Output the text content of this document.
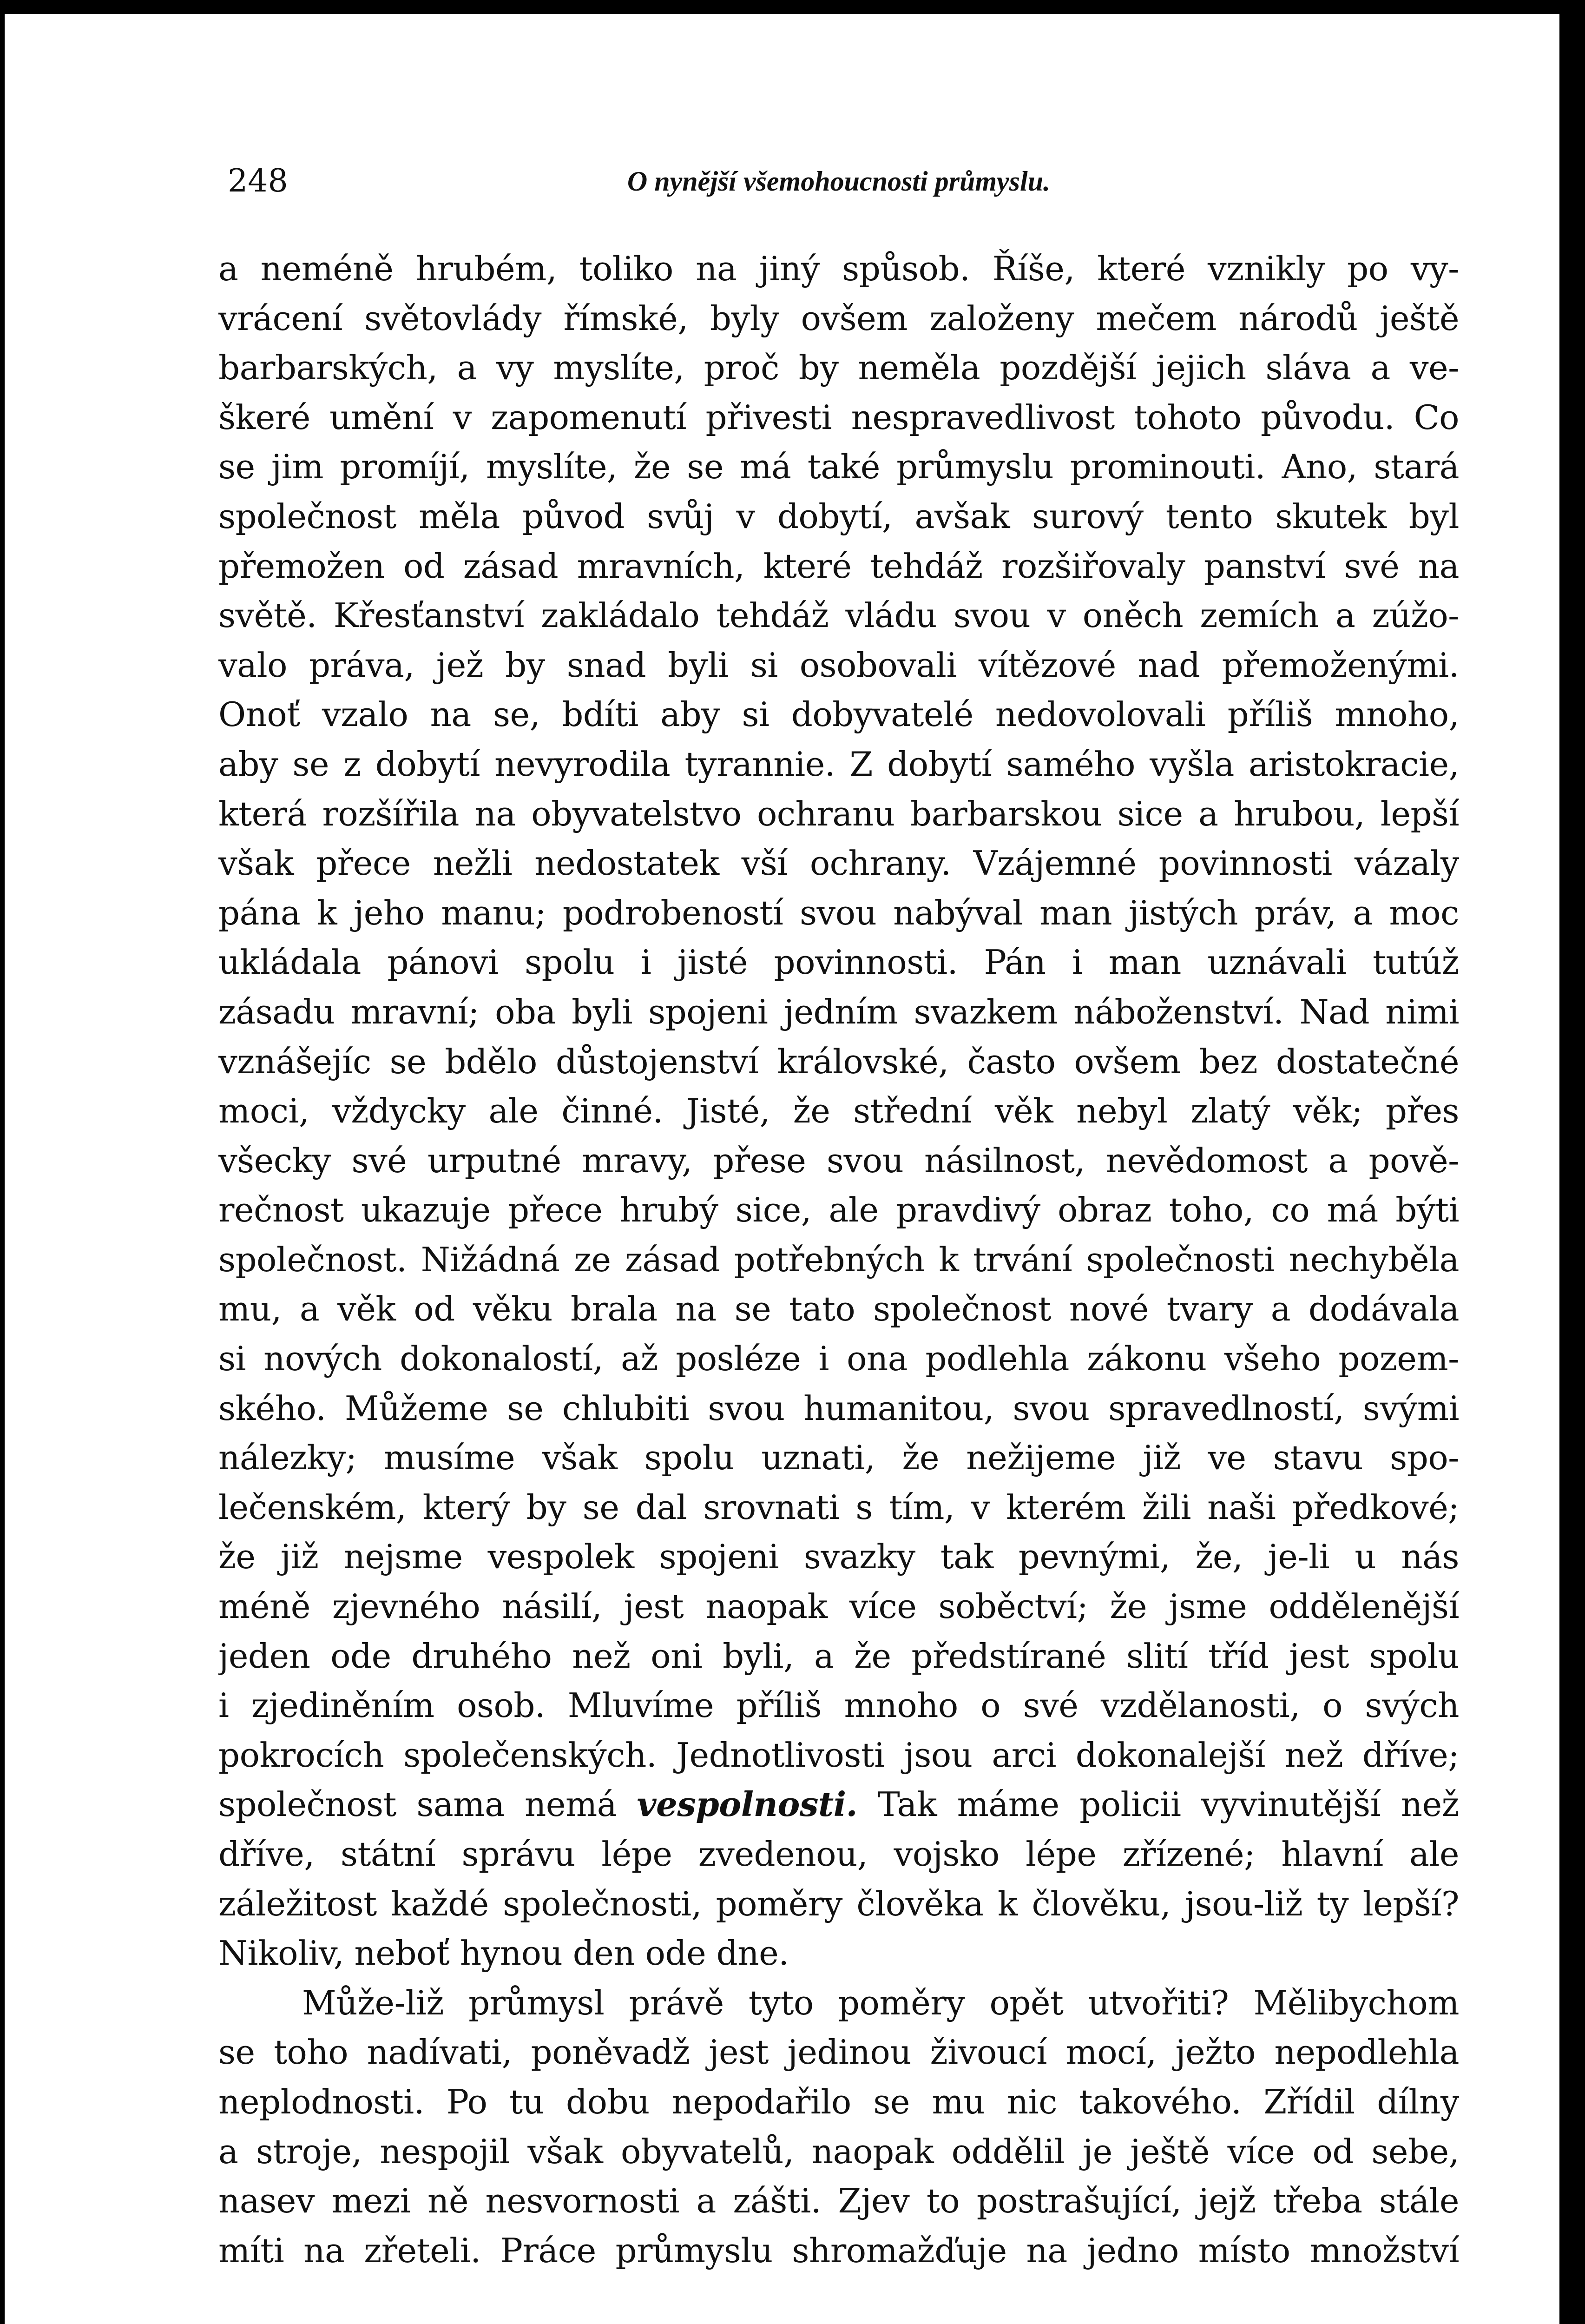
248	O nynější všemohoucnosti průmyslu.
a neméně hrubém, toliko na jiný spůsob. Říše, které vznikly po vy-
vrácení světovlády římské, byly ovšem založeny mečem národů ještě
barbarských, a vy myslíte, proč by neměla pozdější jejich sláva a ve-
škeré umění v zapomenutí přivesti nespravedlivost tohoto původu. Co
se jim promíjí, myslíte, že se má také průmyslu prominouti. Ano, stará
společnost měla původ svůj v dobytí, avšak surový tento skutek byl
přemožen od zásad mravních, které tehdáž rozšiřovaly panství své na
světě. Křesťanství zakládalo tehdáž vládu svou v oněch zemích a zúžo-
valo práva, jež by snad byli si osobovali vítězové nad přemoženými.
Onoť vzalo na se, bdíti aby si dobyvatelé nedovolovali příliš mnoho,
aby se z dobytí nevyrodila tyrannie. Z dobytí samého vyšla aristokracie,
která rozšířila na obyvatelstvo ochranu barbarskou sice a hrubou, lepší
však přece nežli nedostatek vší ochrany. Vzájemné povinnosti vázaly
pána k jeho manu; podrobeností svou nabýval man jistých práv, a moc
ukládala pánovi spolu i jisté povinnosti. Pán i man uznávali tutúž
zásadu mravní; oba byli spojeni jedním svazkem náboženství. Nad nimi
vznášejíc se bdělo důstojenství královské, často ovšem bez dostatečné
moci, vždycky ale činné. Jisté, že střední věk nebyl zlatý věk; přes
všecky své urputné mravy, přese svou násilnost, nevědomost a pově-
rečnost ukazuje přece hrubý sice, ale pravdivý obraz toho, co má býti
společnost. Nižádná ze zásad potřebných k trvání společnosti nechyběla
mu, a věk od věku brala na se tato společnost nové tvary a dodávala
si nových dokonalostí, až posléze i ona podlehla zákonu všeho pozem-
ského. Můžeme se chlubiti svou humanitou, svou spravedlností, svými
nálezky; musíme však spolu uznati, že nežijeme již ve stavu spo-
lečenském, který by se dal srovnati s tím, v kterém žili naši předkové;
že již nejsme vespolek spojeni svazky tak pevnými, že, je-li u nás
méně zjevného násilí, jest naopak více soběctví; že jsme oddělenější
jeden ode druhého než oni byli, a že předstírané slití tříd jest spolu
i zjediněním osob. Mluvíme příliš mnoho o své vzdělanosti, o svých
pokrocích společenských. Jednotlivosti jsou arci dokonalejší než dříve;
společnost sama nemá vespolnosti. Tak máme policii vyvinutější než
dříve, státní správu lépe zvedenou, vojsko lépe zřízené; hlavní ale
záležitost každé společnosti, poměry člověka k člověku, jsou-liž ty lepší?
Nikoliv, neboť hynou den ode dne.
Může-liž průmysl právě tyto poměry opět utvořiti? Mělibychom
se toho nadívati, poněvadž jest jedinou živoucí mocí, ježto nepodlehla
neplodnosti. Po tu dobu nepodařilo se mu nic takového. Zřídil dílny
a stroje, nespojil však obyvatelů, naopak oddělil je ještě více od sebe,
nasev mezi ně nesvornosti a zášti. Zjev to postrašující, jejž třeba stále
míti na zřeteli. Práce průmyslu shromažďuje na jedno místo množství
